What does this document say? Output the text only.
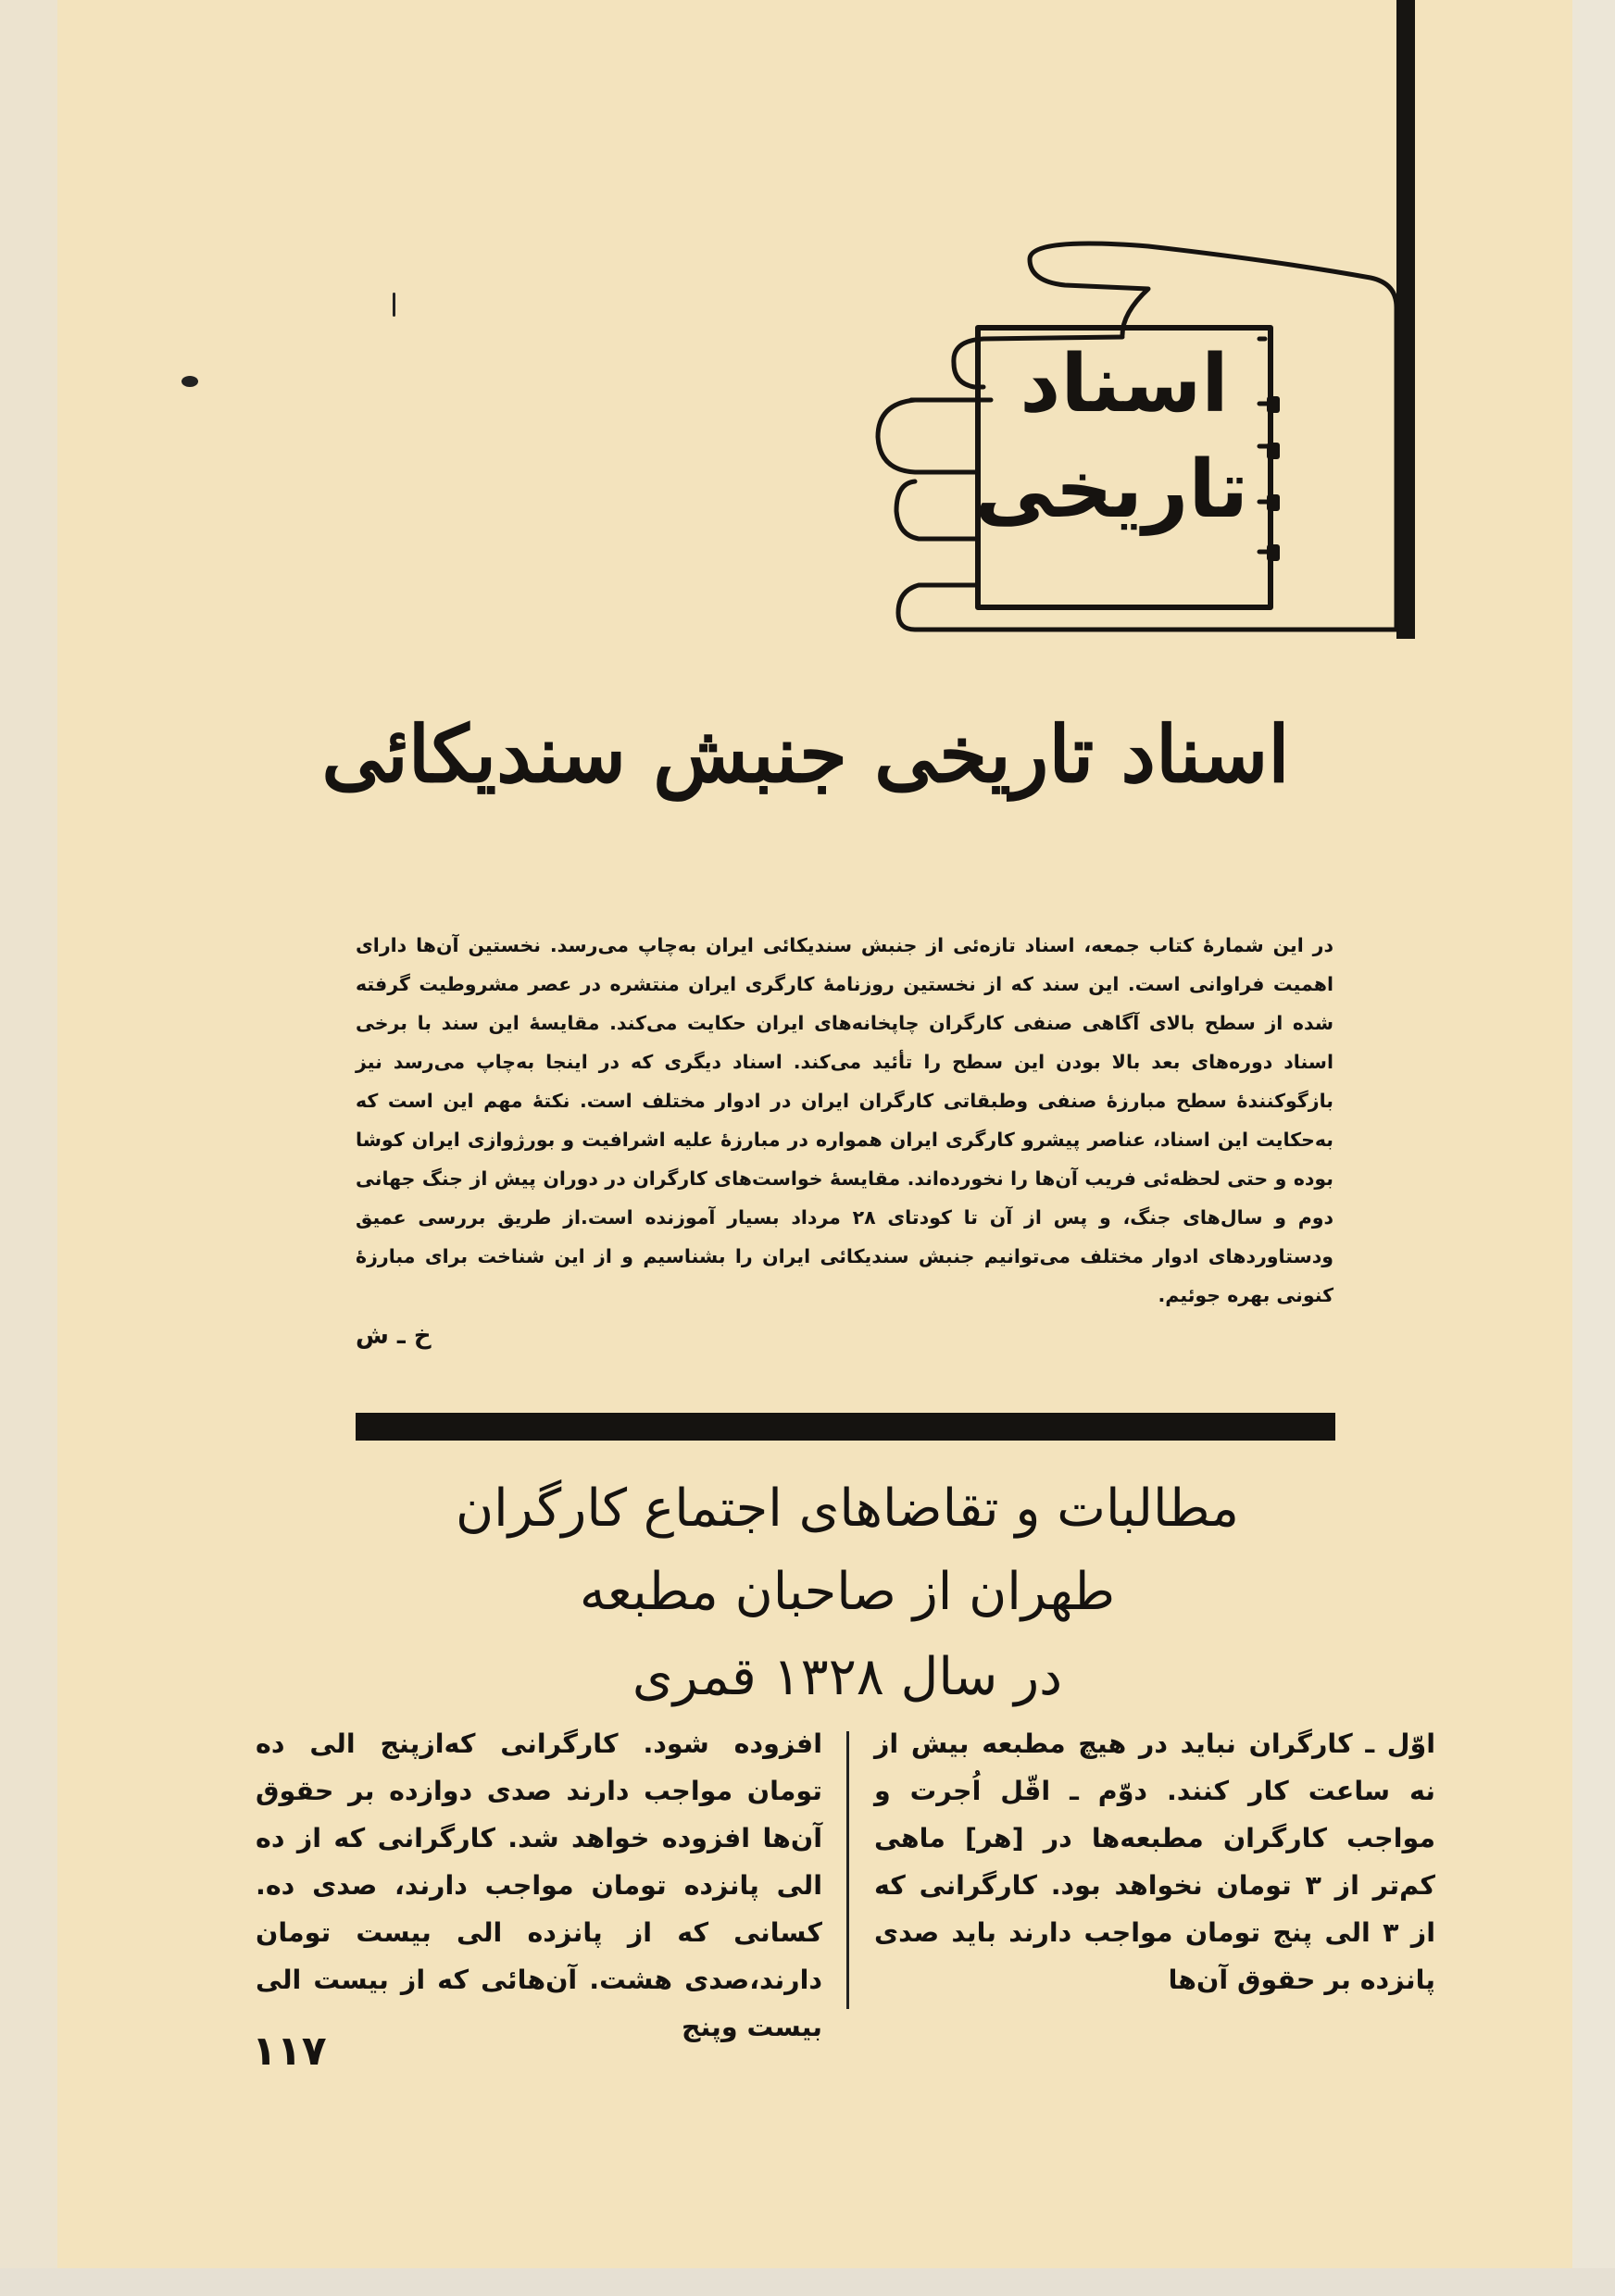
اسناد
تاریخی
اسناد تاریخی جنبش سندیکائی
در این شمارۀ کتاب جمعه، اسناد تازه‌ئی از جنبش سندیکائی ایران به‌چاپ می‌رسد. نخستین آن‌ها دارای اهمیت فراوانی است. این سند که از نخستین روزنامۀ کارگری ایران منتشره در عصر مشروطیت گرفته شده از سطح بالای آگاهی صنفی کارگران چاپخانه‌های ایران حکایت می‌کند. مقایسۀ این سند با برخی اسناد دوره‌های بعد بالا بودن این سطح را تأئید می‌کند. اسناد دیگری که در اینجا به‌چاپ می‌رسد نیز بازگوکنندۀ سطح مبارزۀ صنفی وطبقاتی کارگران ایران در ادوار مختلف است. نکتۀ مهم این است که به‌حکایت این اسناد، عناصر پیشرو کارگری ایران همواره در مبارزۀ علیه اشرافیت و بورژوازی ایران کوشا بوده و حتی لحظه‌ئی فریب آن‌ها را نخورده‌اند. مقایسۀ خواست‌های کارگران در دوران پیش از جنگ جهانی دوم و سال‌های جنگ، و پس از آن تا کودتای ۲۸ مرداد بسیار آموزنده است.از طریق بررسی عمیق ودستاوردهای ادوار مختلف می‌توانیم جنبش سندیکائی ایران را بشناسیم و از این شناخت برای مبارزۀ کنونی بهره جوئیم.
خ ـ ش
مطالبات و تقاضاهای اجتماع کارگران
طهران از صاحبان مطبعه
در سال ۱۳۲۸ قمری
اوّل ـ کارگران نباید در هیچ مطبعه بیش از نه ساعت کار کنند. دوّم ـ اقّل اُجرت و مواجب کارگران مطبعه‌ها در [هر] ماهی کم‌تر از ۳ تومان نخواهد بود. کارگرانی که از ۳ الی پنج تومان مواجب دارند باید صدی پانزده بر حقوق آن‌ها
افزوده شود. کارگرانی که‌ازپنج الی ده تومان مواجب دارند صدی دوازده بر حقوق آن‌ها افزوده خواهد شد. کارگرانی که از ده الی پانزده تومان مواجب دارند، صدی ده. کسانی که از پانزده الی بیست تومان دارند،صدی هشت. آن‌هائی که از بیست الی بیست وپنج
۱۱۷
